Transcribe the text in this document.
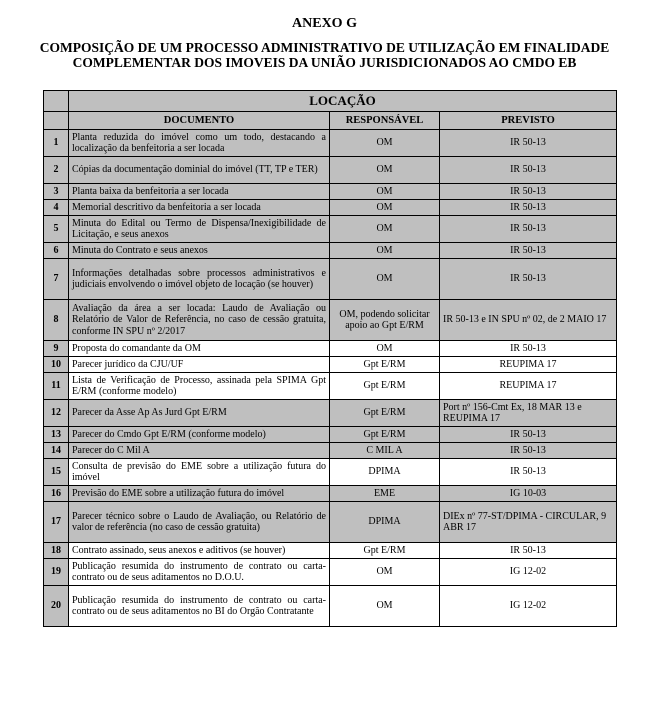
ANEXO G
COMPOSIÇÃO DE UM PROCESSO ADMINISTRATIVO DE UTILIZAÇÃO EM FINALIDADE
COMPLEMENTAR DOS IMOVEIS DA UNIÃO JURISDICIONADOS AO CMDO EB
	LOCAÇÃO		
	DOCUMENTO	RESPONSÁVEL	PREVISTO
1	Planta reduzida do imóvel como um todo, destacando a localização da benfeitoria a ser locada	OM	IR 50-13
2	Cópias da documentação dominial do imóvel (TT, TP e TER)	OM	IR 50-13
3	Planta baixa da benfeitoria a ser locada	OM	IR 50-13
4	Memorial descritivo da benfeitoria a ser locada	OM	IR 50-13
5	Minuta do Edital ou Termo de Dispensa/Inexigibilidade de Licitação, e seus anexos	OM	IR 50-13
6	Minuta do Contrato e seus anexos	OM	IR 50-13
7	Informações detalhadas sobre processos administrativos e judiciais envolvendo o imóvel objeto de locação (se houver)	OM	IR 50-13
8	Avaliação da área a ser locada: Laudo de Avaliação ou Relatório de Valor de Referência, no caso de cessão gratuita, conforme IN SPU nº 2/2017	OM, podendo solicitar apoio ao Gpt E/RM	IR 50-13 e IN SPU nº 02, de 2 MAIO 17
9	Proposta do comandante da OM	OM	IR 50-13
10	Parecer jurídico da CJU/UF	Gpt E/RM	REUPIMA 17
11	Lista de Verificação de Processo, assinada pela SPIMA Gpt E/RM (conforme modelo)	Gpt E/RM	REUPIMA 17
12	Parecer da Asse Ap As Jurd Gpt E/RM	Gpt E/RM	Port nº 156-Cmt Ex, 18 MAR 13 e REUPIMA 17
13	Parecer do Cmdo Gpt E/RM (conforme modelo)	Gpt E/RM	IR 50-13
14	Parecer do C Mil A	C MIL A	IR 50-13
15	Consulta de previsão do EME sobre a utilização futura do imóvel	DPIMA	IR 50-13
16	Previsão do EME sobre a utilização futura do imóvel	EME	IG 10-03
17	Parecer técnico sobre o Laudo de Avaliação, ou Relatório de valor de referência (no caso de cessão gratuita)	DPIMA	DIEx nº 77-ST/DPIMA - CIRCULAR, 9 ABR 17
18	Contrato assinado, seus anexos e aditivos (se houver)	Gpt E/RM	IR 50-13
19	Publicação resumida do instrumento de contrato ou carta-contrato ou de seus aditamentos no D.O.U.	OM	IG 12-02
20	Publicação resumida do instrumento de contrato ou carta-contrato ou de seus aditamentos no BI do Orgão Contratante	OM	IG 12-02
